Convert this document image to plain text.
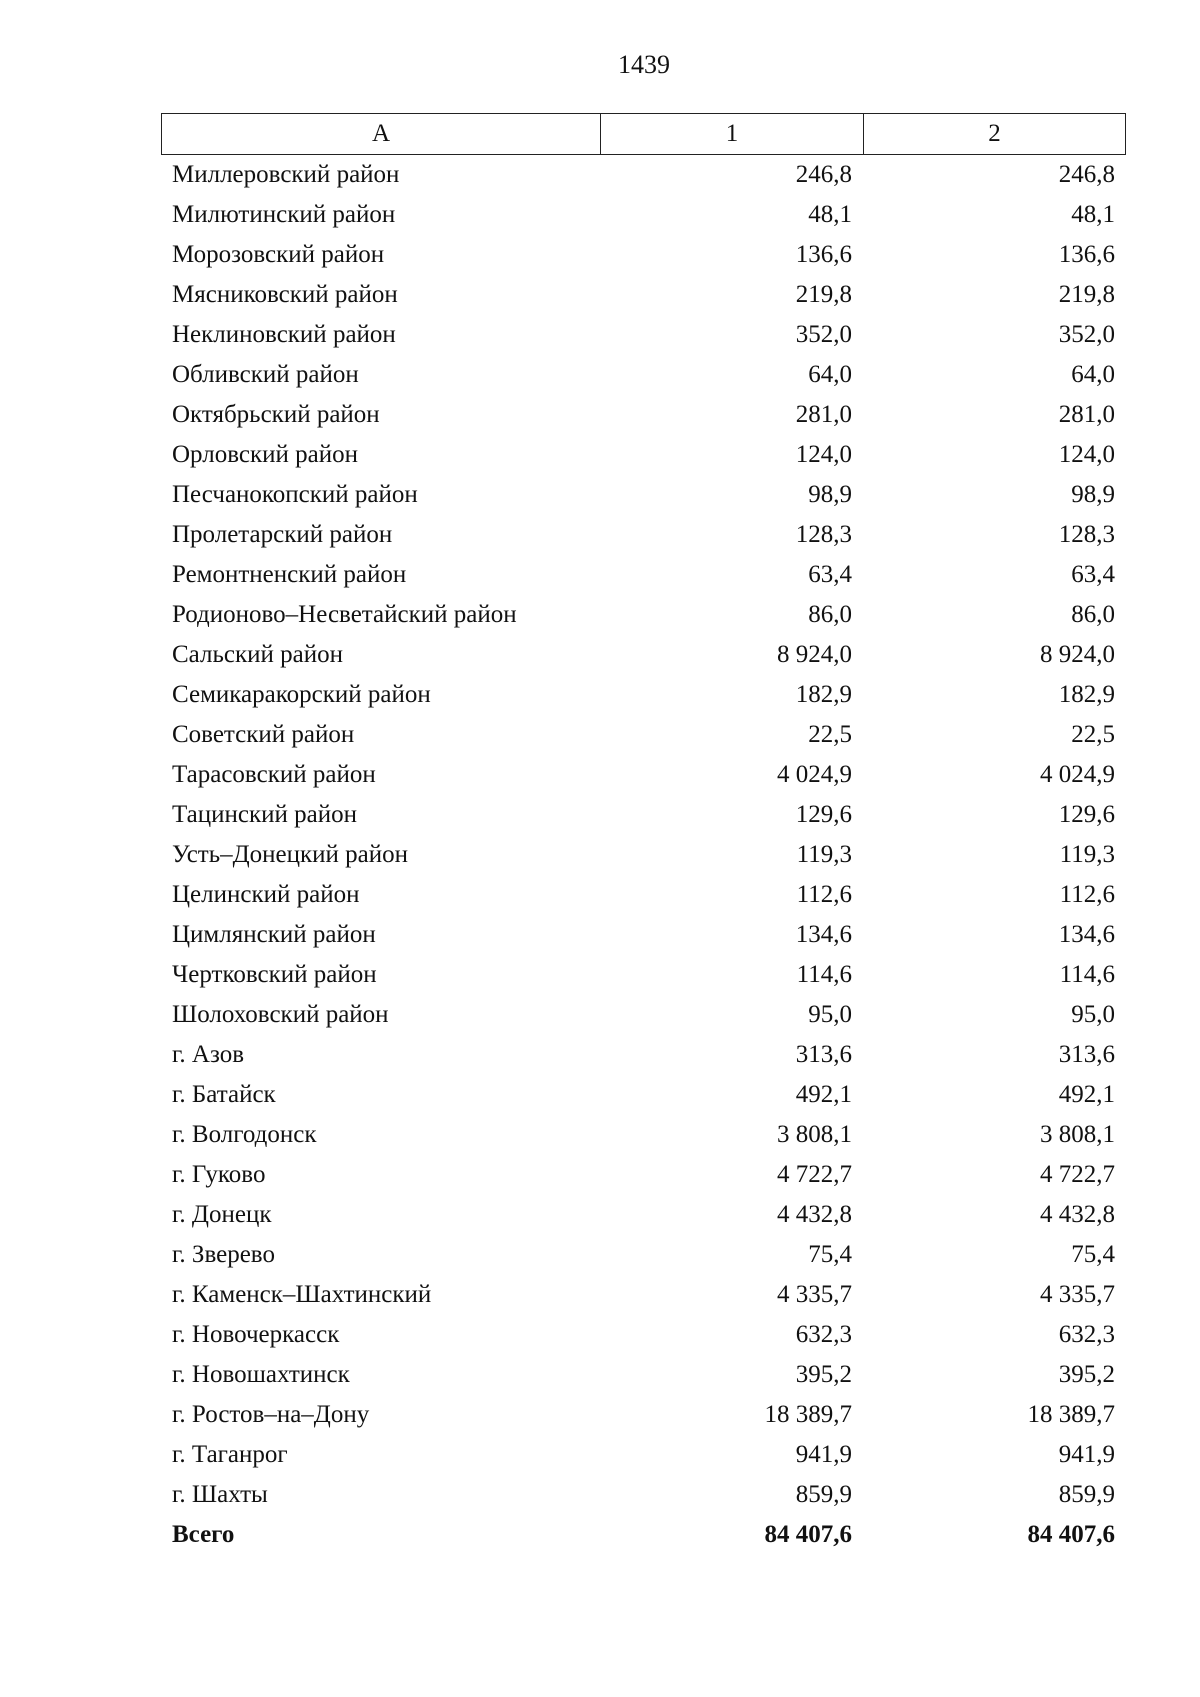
1439
А	1	2
Миллеровский район	246,8	246,8
Милютинский район	48,1	48,1
Морозовский район	136,6	136,6
Мясниковский район	219,8	219,8
Неклиновский район	352,0	352,0
Обливский район	64,0	64,0
Октябрьский район	281,0	281,0
Орловский район	124,0	124,0
Песчанокопский район	98,9	98,9
Пролетарский район	128,3	128,3
Ремонтненский район	63,4	63,4
Родионово–Несветайский район	86,0	86,0
Сальский район	8 924,0	8 924,0
Семикаракорский район	182,9	182,9
Советский район	22,5	22,5
Тарасовский район	4 024,9	4 024,9
Тацинский район	129,6	129,6
Усть–Донецкий район	119,3	119,3
Целинский район	112,6	112,6
Цимлянский район	134,6	134,6
Чертковский район	114,6	114,6
Шолоховский район	95,0	95,0
г. Азов	313,6	313,6
г. Батайск	492,1	492,1
г. Волгодонск	3 808,1	3 808,1
г. Гуково	4 722,7	4 722,7
г. Донецк	4 432,8	4 432,8
г. Зверево	75,4	75,4
г. Каменск–Шахтинский	4 335,7	4 335,7
г. Новочеркасск	632,3	632,3
г. Новошахтинск	395,2	395,2
г. Ростов–на–Дону	18 389,7	18 389,7
г. Таганрог	941,9	941,9
г. Шахты	859,9	859,9
Всего	84 407,6	84 407,6
